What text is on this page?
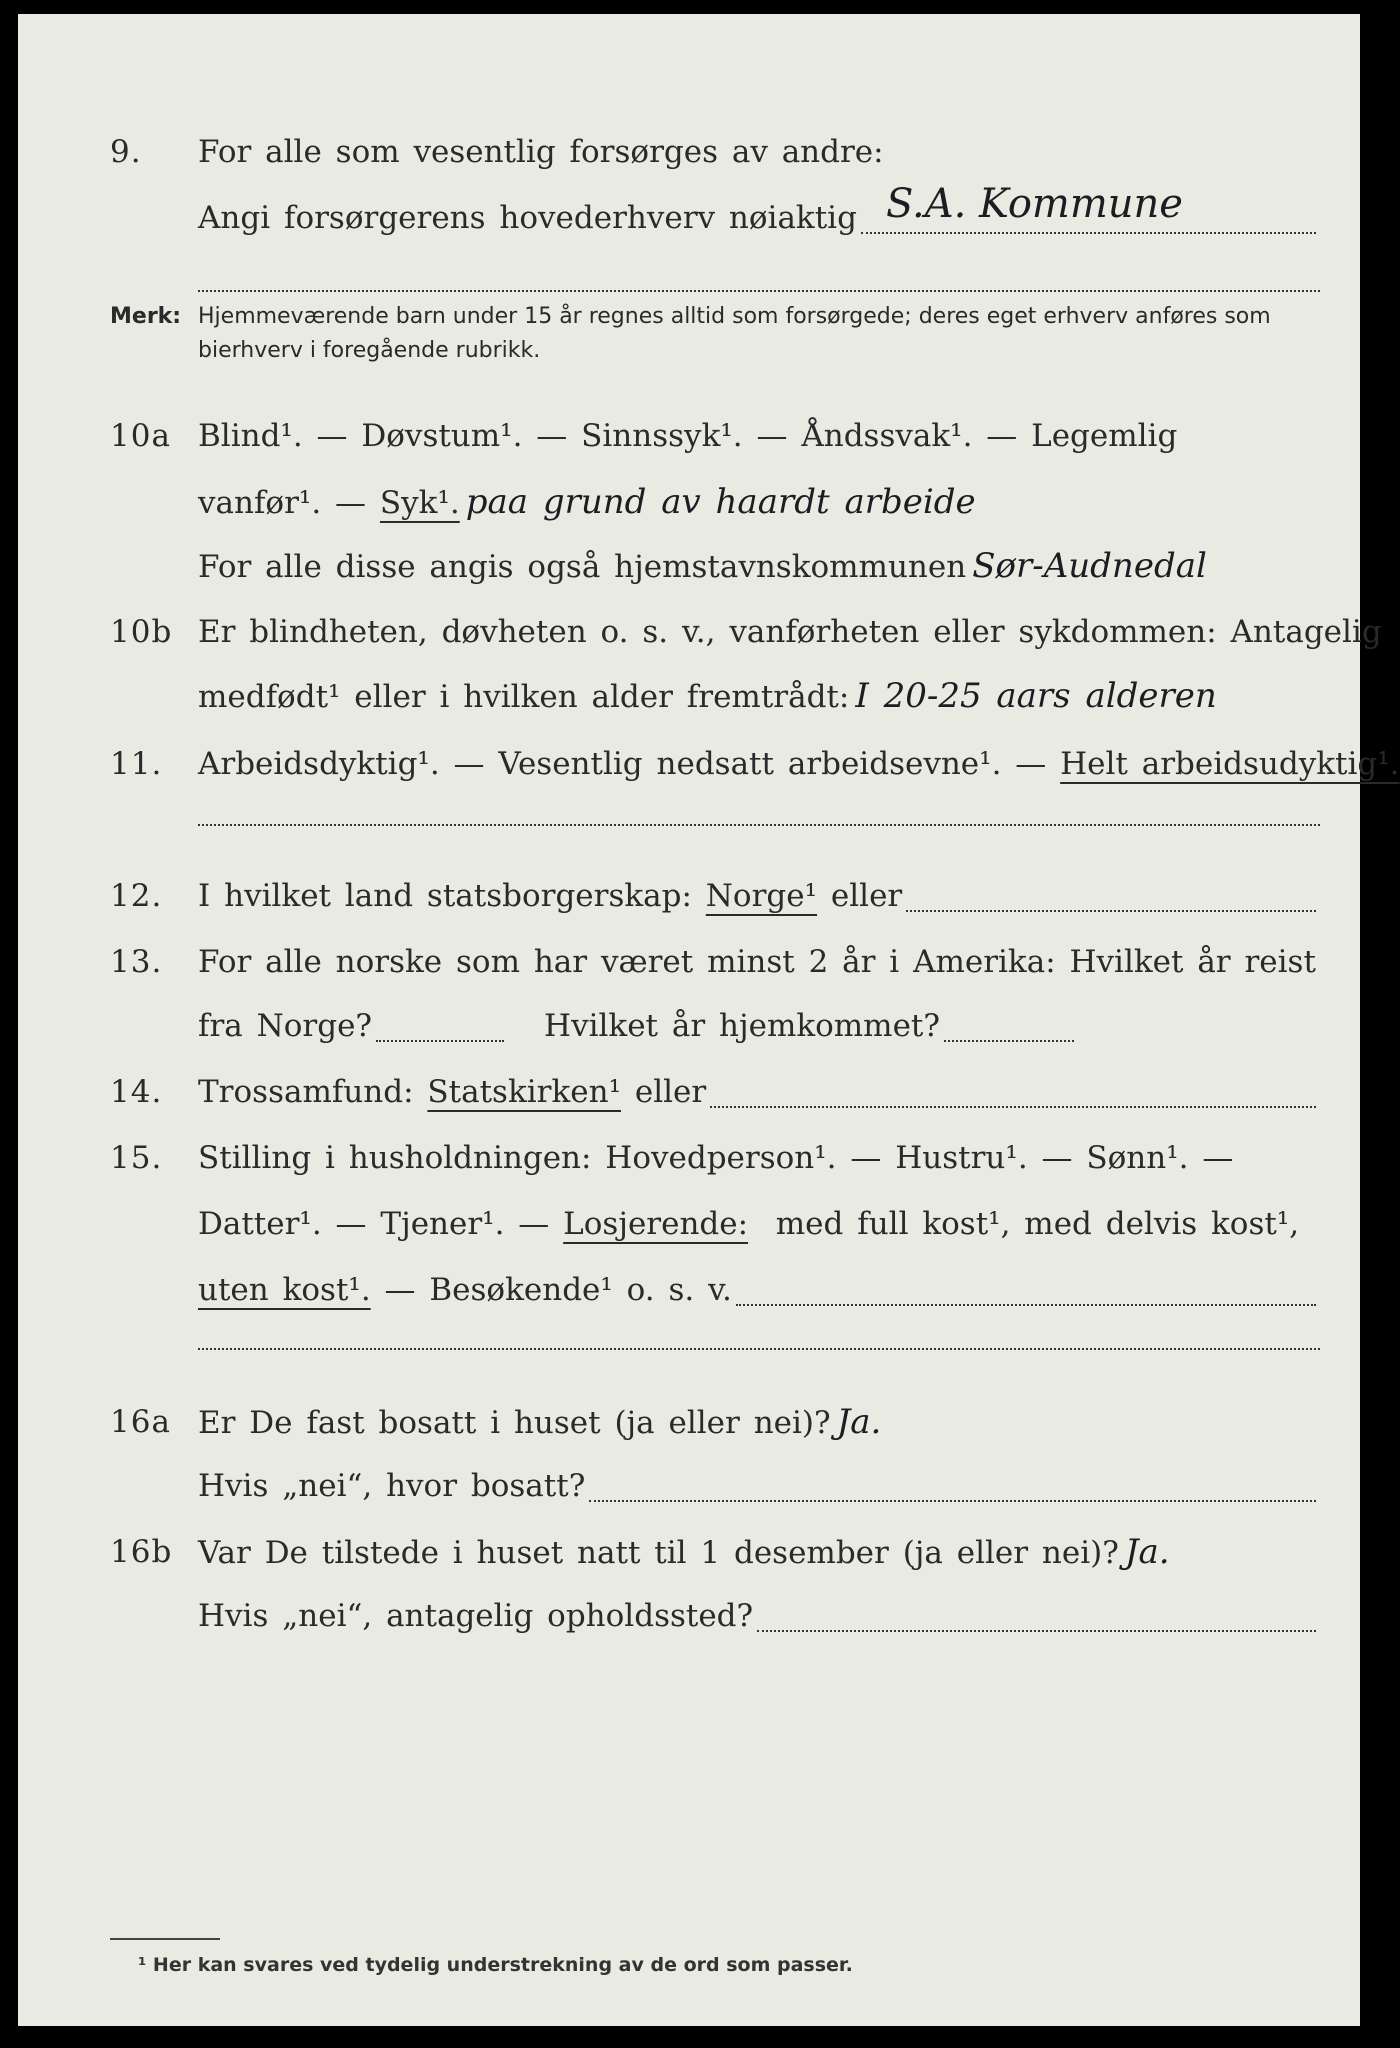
9. For alle som vesentlig forsørges av andre:
Angi forsørgerens hovederhverv nøiaktig S.A. Kommune
Merk: Hjemmeværende barn under 15 år regnes alltid som forsørgede; deres eget erhverv anføres som bierhverv i foregående rubrikk.
10a Blind¹. — Døvstum¹. — Sinnssyk¹. — Åndssvak¹. — Legemlig
vanfør¹. —
Syk¹. paa grund av haardt arbeide
For alle disse angis også hjemstavnskommunen Sør-Audnedal
10b Er blindheten, døvheten o. s. v., vanførheten eller sykdommen: Antagelig
medfødt¹ eller i hvilken alder fremtrådt: I 20-25 aars alderen
11. Arbeidsdyktig¹. — Vesentlig nedsatt arbeidsevne¹. —
Helt arbeidsudyktig¹.
12. I hvilket land statsborgerskap:
Norge¹
eller
13. For alle norske som har været minst 2 år i Amerika: Hvilket år reist
fra Norge?	Hvilket år hjemkommet?
14. Trossamfund:
Statskirken¹
eller
15. Stilling i husholdningen: Hovedperson¹. — Hustru¹. — Sønn¹. —
Datter¹. — Tjener¹. —
Losjerende:
med full kost¹, med delvis kost¹,
uten kost¹.
— Besøkende¹ o. s. v.
16a Er De fast bosatt i huset (ja eller nei)? Ja.
Hvis „nei“, hvor bosatt?
16b Var De tilstede i huset natt til 1 desember (ja eller nei)? Ja.
Hvis „nei“, antagelig opholdssted?
¹ Her kan svares ved tydelig understrekning av de ord som passer.
